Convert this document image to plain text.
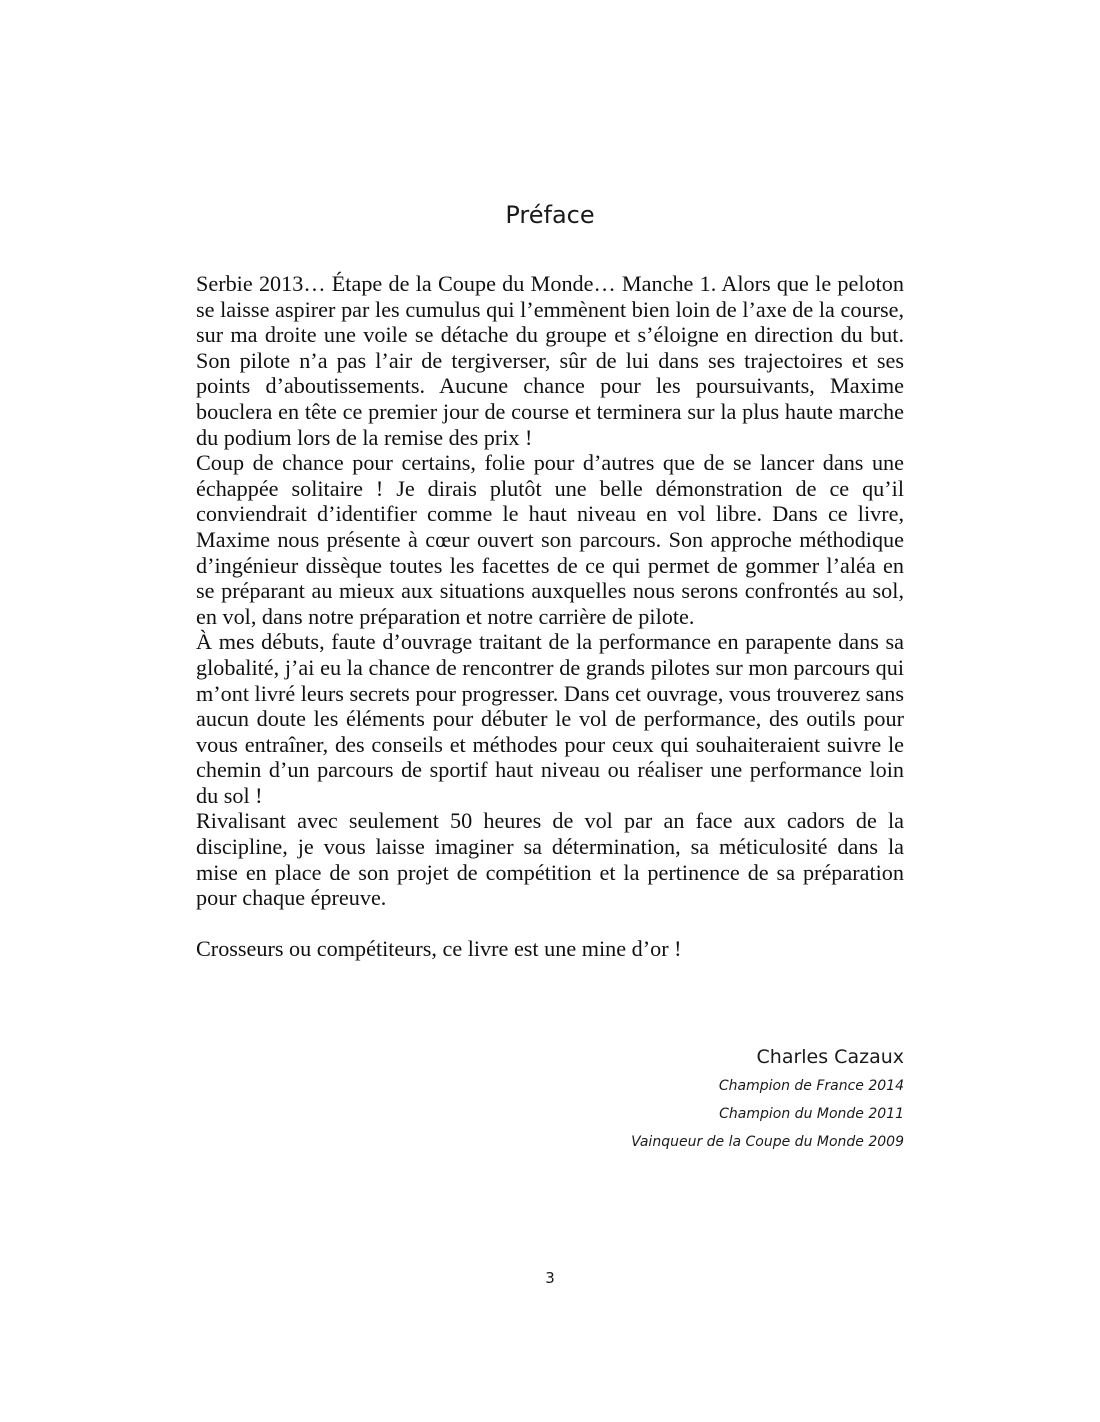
Préface

Serbie 2013… Étape de la Coupe du Monde… Manche 1. Alors que le peloton se laisse aspirer par les cumulus qui l’emmènent bien loin de l’axe de la course, sur ma droite une voile se détache du groupe et s’éloigne en direction du but. Son pilote n’a pas l’air de tergiverser, sûr de lui dans ses trajectoires et ses points d’aboutissements. Aucune chance pour les poursuivants, Maxime bouclera en tête ce premier jour de course et terminera sur la plus haute marche du podium lors de la remise des prix !

Coup de chance pour certains, folie pour d’autres que de se lancer dans une échappée solitaire ! Je dirais plutôt une belle démonstration de ce qu’il conviendrait d’identifier comme le haut niveau en vol libre. Dans ce livre, Maxime nous présente à cœur ouvert son parcours. Son approche méthodique d’ingénieur dissèque toutes les facettes de ce qui permet de gommer l’aléa en se préparant au mieux aux situations auxquelles nous serons confrontés au sol, en vol, dans notre préparation et notre carrière de pilote.

À mes débuts, faute d’ouvrage traitant de la performance en parapente dans sa globalité, j’ai eu la chance de rencontrer de grands pilotes sur mon parcours qui m’ont livré leurs secrets pour progresser. Dans cet ouvrage, vous trouverez sans aucun doute les éléments pour débuter le vol de performance, des outils pour vous entraîner, des conseils et méthodes pour ceux qui souhaiteraient suivre le chemin d’un parcours de sportif haut niveau ou réaliser une performance loin du sol !

Rivalisant avec seulement 50 heures de vol par an face aux cadors de la discipline, je vous laisse imaginer sa détermination, sa méticulosité dans la mise en place de son projet de compétition et la pertinence de sa préparation pour chaque épreuve.

Crosseurs ou compétiteurs, ce livre est une mine d’or !

Charles Cazaux
Champion de France 2014
Champion du Monde 2011
Vainqueur de la Coupe du Monde 2009
3
